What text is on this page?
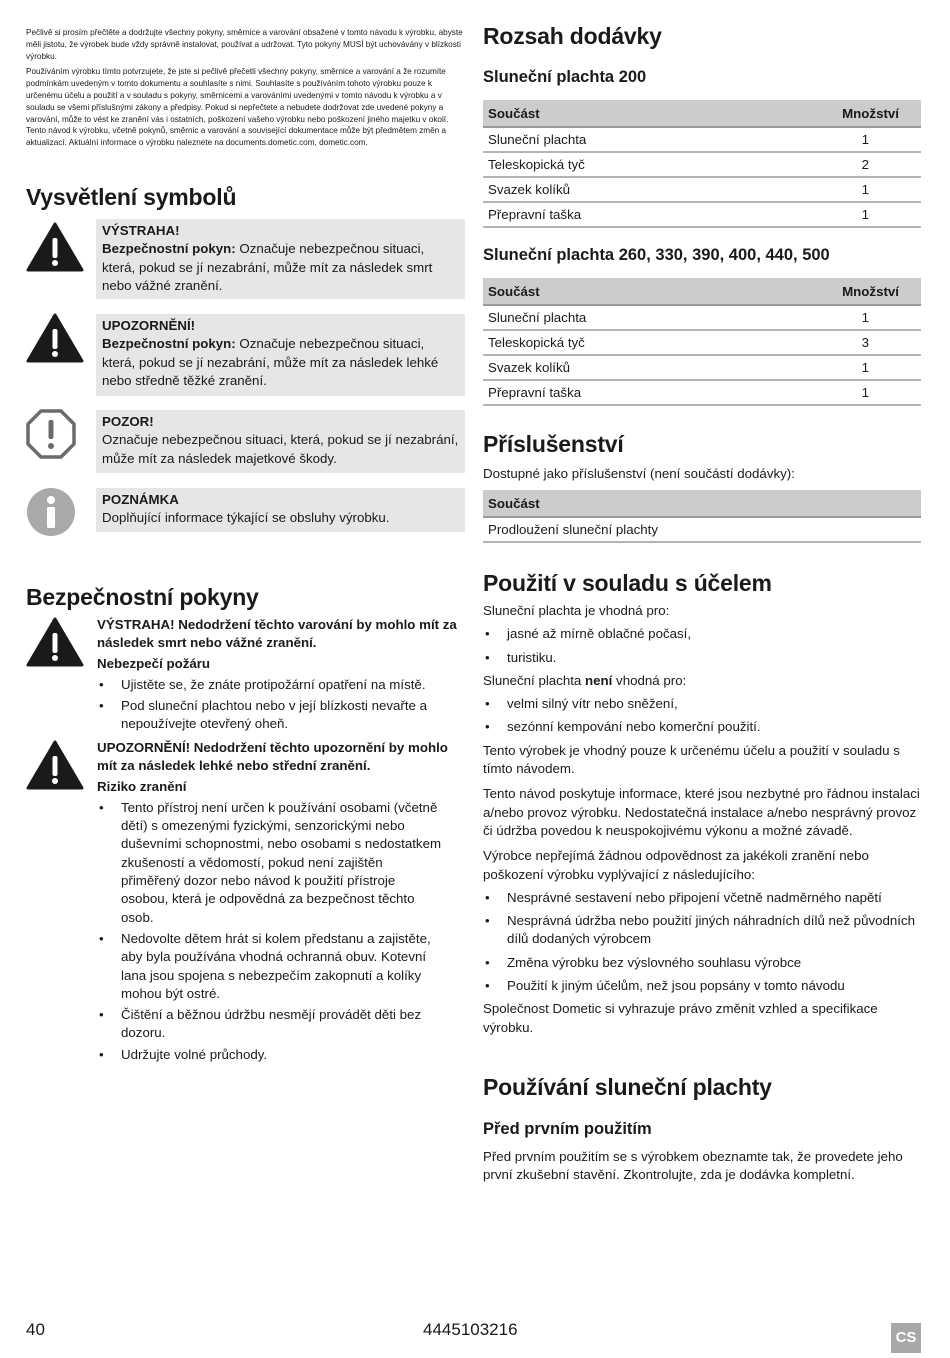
Pečlivě si prosím přečtěte a dodržujte všechny pokyny, směrnice a varování obsažené v tomto návodu k výrobku, abyste měli jistotu, že výrobek bude vždy správně instalovat, používat a udržovat. Tyto pokyny MUSÍ být uchovávány v blízkosti výrobku.

Používáním výrobku tímto potvrzujete, že jste si pečlivě přečetli všechny pokyny, směrnice a varování a že rozumíte podmínkám uvedeným v tomto dokumentu a souhlasíte s nimi. Souhlasíte s používáním tohoto výrobku pouze k určenému účelu a použití a v souladu s pokyny, směrnicemi a varováními uvedenými v tomto návodu k výrobku a v souladu se všemi příslušnými zákony a předpisy. Pokud si nepřečtete a nebudete dodržovat zde uvedené pokyny a varování, může to vést ke zranění vás i ostatních, poškození vašeho výrobku nebo poškození jiného majetku v okolí. Tento návod k výrobku, včetně pokynů, směrnic a varování a související dokumentace může být předmětem změn a aktualizací. Aktuální informace o výrobku naleznete na documents.dometic.com, dometic.com.

Vysvětlení symbolů
VÝSTRAHA!
Bezpečnostní pokyn: Označuje nebezpečnou situaci, která, pokud se jí nezabrání, může mít za následek smrt nebo vážné zranění.
UPOZORNĚNÍ!
Bezpečnostní pokyn: Označuje nebezpečnou situaci, která, pokud se jí nezabrání, může mít za následek lehké nebo středně těžké zranění.
POZOR!
Označuje nebezpečnou situaci, která, pokud se jí nezabrání, může mít za následek majetkové škody.
POZNÁMKA
Doplňující informace týkající se obsluhy výrobku.
Bezpečnostní pokyny
VÝSTRAHA! Nedodržení těchto varování by mohlo mít za následek smrt nebo vážné zranění.
Nebezpečí požáru
• Ujistěte se, že znáte protipožární opatření na místě.
• Pod sluneční plachtou nebo v její blízkosti nevařte a nepoužívejte otevřený oheň.
UPOZORNĚNÍ! Nedodržení těchto upozornění by mohlo mít za následek lehké nebo střední zranění.
Riziko zranění
• Tento přístroj není určen k používání osobami (včetně dětí) s omezenými fyzickými, senzorickými nebo duševními schopnostmi, nebo osobami s nedostatkem zkušeností a vědomostí, pokud není zajištěn přiměřený dozor nebo návod k použití přístroje osobou, která je odpovědná za bezpečnost těchto osob.
• Nedovolte dětem hrát si kolem předstanu a zajistěte, aby byla používána vhodná ochranná obuv. Kotevní lana jsou spojena s nebezpečím zakopnutí a kolíky mohou být ostré.
• Čištění a běžnou údržbu nesmějí provádět děti bez dozoru.
• Udržujte volné průchody.
Rozsah dodávky
Sluneční plachta 200
Součást	Množství
Sluneční plachta	1
Teleskopická tyč	2
Svazek kolíků	1
Přepravní taška	1
Sluneční plachta 260, 330, 390, 400, 440, 500
Součást	Množství
Sluneční plachta	1
Teleskopická tyč	3
Svazek kolíků	1
Přepravní taška	1
Příslušenství
Dostupné jako příslušenství (není součástí dodávky):
Součást
Prodloužení sluneční plachty
Použití v souladu s účelem
Sluneční plachta je vhodná pro:
• jasné až mírně oblačné počasí,
• turistiku.
Sluneční plachta není vhodná pro:
• velmi silný vítr nebo sněžení,
• sezónní kempování nebo komerční použití.
Tento výrobek je vhodný pouze k určenému účelu a použití v souladu s tímto návodem.
Tento návod poskytuje informace, které jsou nezbytné pro řádnou instalaci a/nebo provoz výrobku. Nedostatečná instalace a/nebo nesprávný provoz či údržba povedou k neuspokojivému výkonu a možné závadě.
Výrobce nepřejímá žádnou odpovědnost za jakékoli zranění nebo poškození výrobku vyplývající z následujícího:
• Nesprávné sestavení nebo připojení včetně nadměrného napětí
• Nesprávná údržba nebo použití jiných náhradních dílů než původních dílů dodaných výrobcem
• Změna výrobku bez výslovného souhlasu výrobce
• Použití k jiným účelům, než jsou popsány v tomto návodu
Společnost Dometic si vyhrazuje právo změnit vzhled a specifikace výrobku.
Používání sluneční plachty
Před prvním použitím
Před prvním použitím se s výrobkem obeznamte tak, že provedete jeho první zkušební stavění. Zkontrolujte, zda je dodávka kompletní.
40	4445103216	CS
